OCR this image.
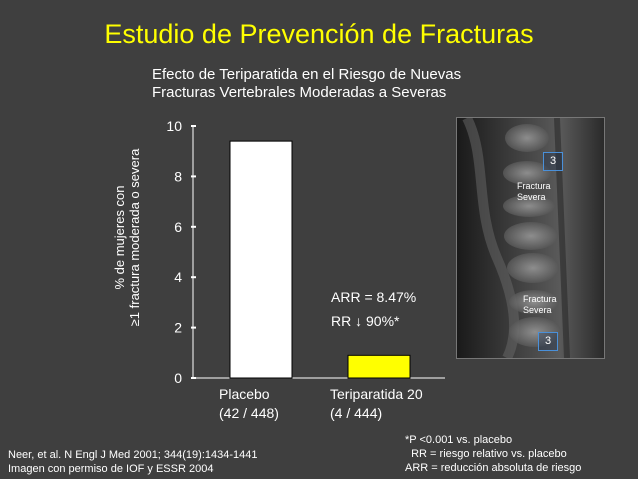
Estudio de Prevención de Fracturas
Efecto de Teriparatida en el Riesgo de Nuevas
Fracturas Vertebrales Moderadas a Severas
% de mujeres con ≥1 fractura moderada o severa
0
2
4
6
8
10
ARR = 8.47%
RR ↓ 90%*
Placebo
(42 / 448)
Teriparatida 20
(4 / 444)
3
Fractura Severa
Fractura Severa
3
Neer, et al. N Engl J Med 2001; 344(19):1434-1441
Imagen con permiso de IOF y ESSR 2004
*P <0.001 vs. placebo
RR = riesgo relativo vs. placebo
ARR = reducción absoluta de riesgo
